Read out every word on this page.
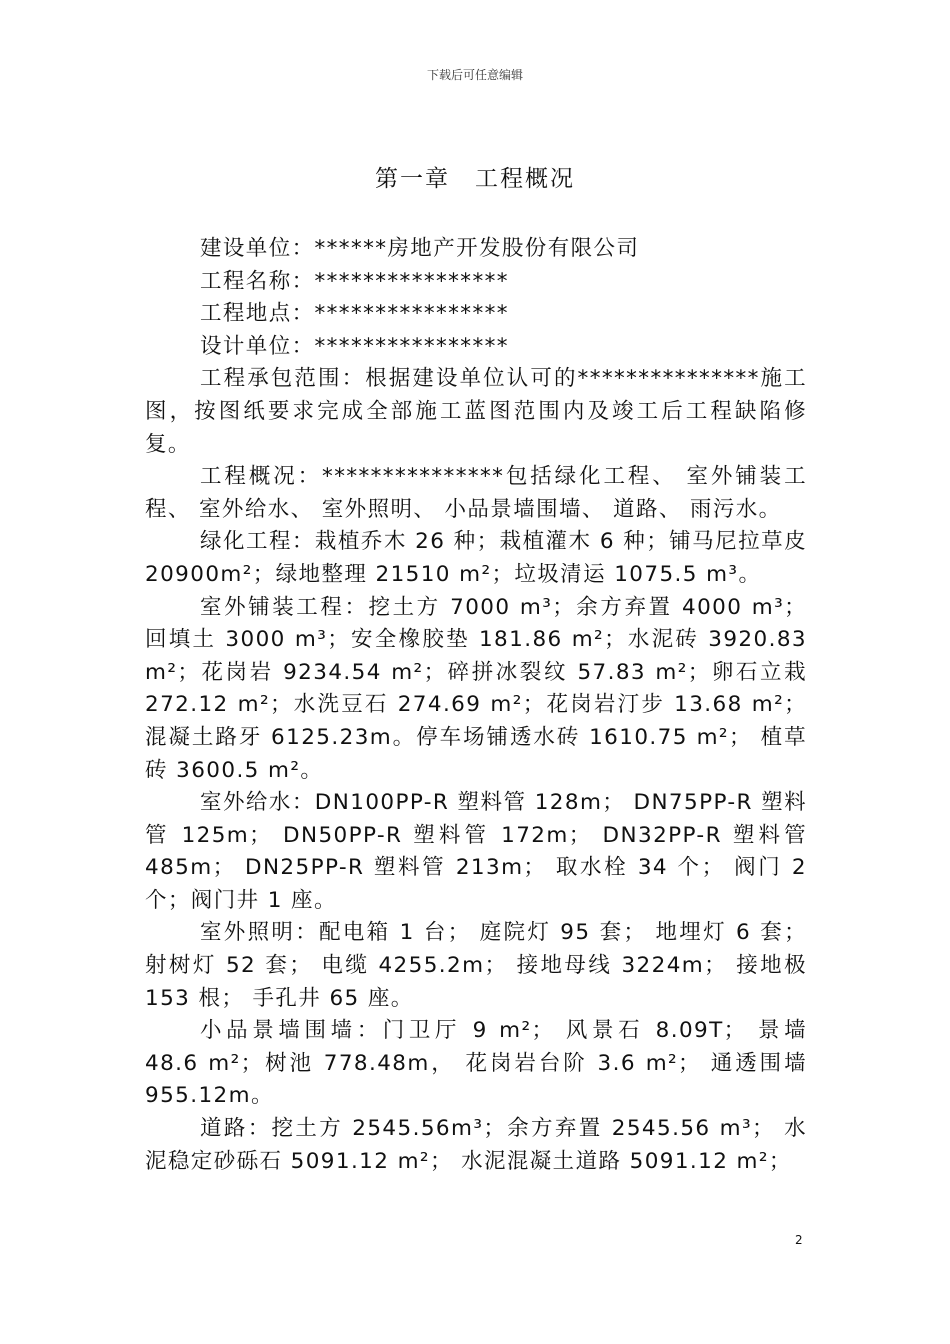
下载后可任意编辑
第一章　工程概况

建设单位：******房地产开发股份有限公司

工程名称：****************

工程地点：****************

设计单位：****************

工程承包范围：根据建设单位认可的***************施工图，按图纸要求完成全部施工蓝图范围内及竣工后工程缺陷修复。

工程概况：***************包括绿化工程、 室外铺装工程、 室外给水、 室外照明、 小品景墙围墙、 道路、 雨污水。

绿化工程：栽植乔木 26 种；栽植灌木 6 种；铺马尼拉草皮 20900m²；绿地整理 21510 m²；垃圾清运 1075.5 m³。

室外铺装工程：挖土方 7000 m³；余方弃置 4000 m³；回填土 3000 m³；安全橡胶垫 181.86 m²；水泥砖 3920.83 m²；花岗岩 9234.54 m²；碎拼冰裂纹 57.83 m²；卵石立栽 272.12 m²；水洗豆石 274.69 m²；花岗岩汀步 13.68 m²；混凝土路牙 6125.23m。停车场铺透水砖 1610.75 m²； 植草砖 3600.5 m²。

室外给水：DN100PP-R 塑料管 128m； DN75PP-R 塑料管 125m； DN50PP-R 塑料管 172m； DN32PP-R 塑料管 485m； DN25PP-R 塑料管 213m； 取水栓 34 个； 阀门 2 个；阀门井 1 座。

室外照明：配电箱 1 台； 庭院灯 95 套； 地埋灯 6 套；射树灯 52 套； 电缆 4255.2m； 接地母线 3224m； 接地极 153 根； 手孔井 65 座。

小品景墙围墙：门卫厅 9 m²； 风景石 8.09T； 景墙 48.6 m²；树池 778.48m， 花岗岩台阶 3.6 m²； 通透围墙 955.12m。

道路：挖土方 2545.56m³；余方弃置 2545.56 m³； 水泥稳定砂砾石 5091.12 m²； 水泥混凝土道路 5091.12 m²；

2
